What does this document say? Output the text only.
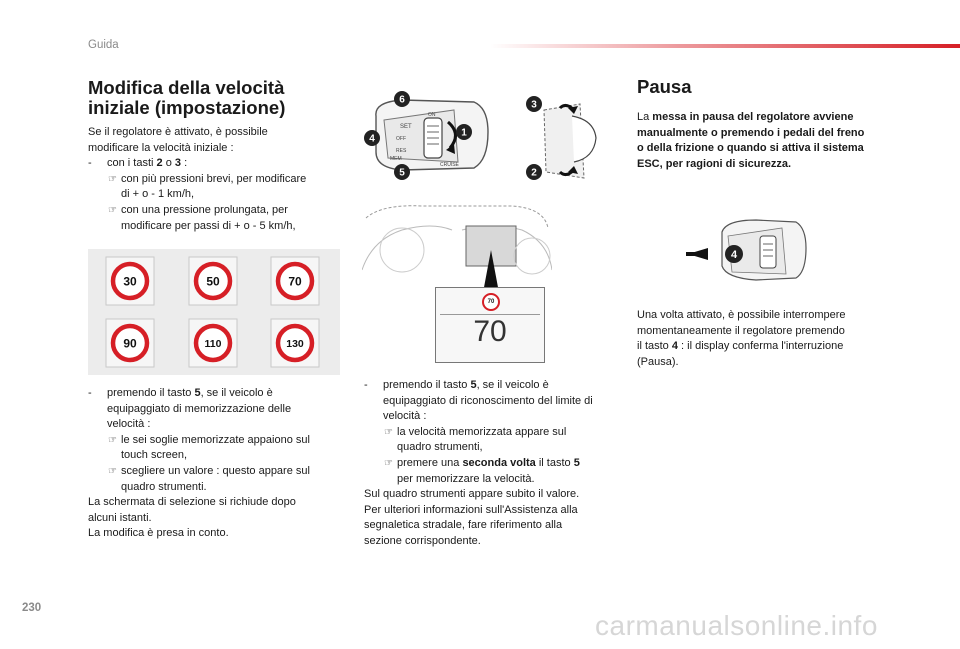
Guida
Modifica della velocità
iniziale (impostazione)

Se il regolatore è attivato, è possibile

modificare la velocità iniziale :

- con i tasti 2 o 3 :

☞ con più pressioni brevi, per modificare

di + o - 1 km/h,

☞ con una pressione prolungata, per

modificare per passi di + o - 5 km/h,

30	50	70
90	110	130

- premendo il tasto 5, se il veicolo è

equipaggiato di memorizzazione delle

velocità :

☞ le sei soglie memorizzate appaiono sul

touch screen,

☞ scegliere un valore : questo appare sul

quadro strumenti.

La schermata di selezione si richiude dopo

alcuni istanti.

La modifica è presa in conto.

SET
OFF
ON
RES
CRUISE
MEM
6
4
1
5
3
2
70
70

- premendo il tasto 5, se il veicolo è

equipaggiato di riconoscimento del limite di

velocità :

☞ la velocità memorizzata appare sul

quadro strumenti,

☞ premere una seconda volta il tasto 5

per memorizzare la velocità.

Sul quadro strumenti appare subito il valore.

Per ulteriori informazioni sull'Assistenza alla

segnaletica stradale, fare riferimento alla

sezione corrispondente.

Pausa

La messa in pausa del regolatore avviene

manualmente o premendo i pedali del freno

o della frizione o quando si attiva il sistema

ESC, per ragioni di sicurezza.

4

Una volta attivato, è possibile interrompere

momentaneamente il regolatore premendo

il tasto 4 : il display conferma l'interruzione

(Pausa).

230
carmanualsonline.info
